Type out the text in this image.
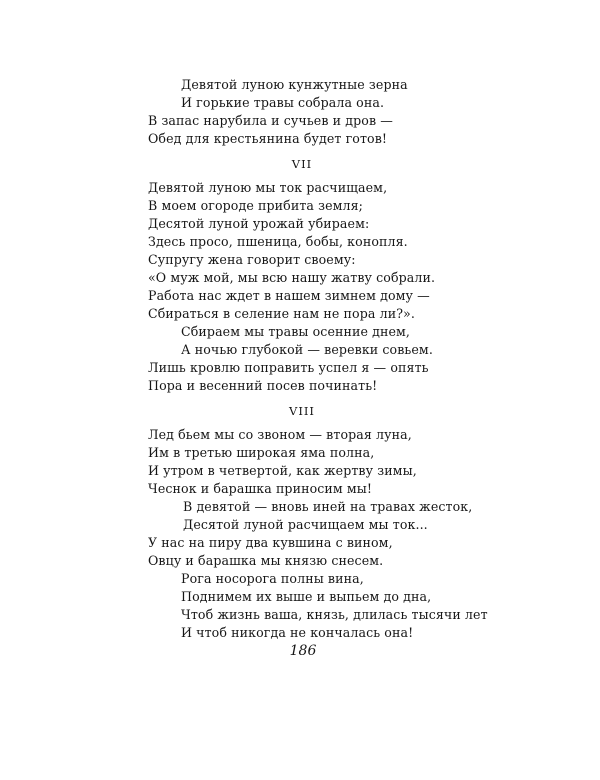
Девятой луною кунжутные зерна
И горькие травы собрала она.
В запас нарубила и сучьев и дров —
Обед для крестьянина будет готов!
VII
Девятой луною мы ток расчищаем,
В моем огороде прибита земля;
Десятой луной урожай убираем:
Здесь просо, пшеница, бобы, конопля.
Супругу жена говорит своему:
«О муж мой, мы всю нашу жатву собрали.
Работа нас ждет в нашем зимнем дому —
Сбираться в селение нам не пора ли?».
Сбираем мы травы осенние днем,
А ночью глубокой — веревки совьем.
Лишь кровлю поправить успел я — опять
Пора и весенний посев починать!
VIII
Лед бьем мы со звоном — вторая луна,
Им в третью широкая яма полна,
И утром в четвертой, как жертву зимы,
Чеснок и барашка приносим мы!
В девятой — вновь иней на травах жесток,
Десятой луной расчищаем мы ток...
У нас на пиру два кувшина с вином,
Овцу и барашка мы князю снесем.
Рога носорога полны вина,
Поднимем их выше и выпьем до дна,
Чтоб жизнь ваша, князь, длилась тысячи лет
И чтоб никогда не кончалась она!
186
